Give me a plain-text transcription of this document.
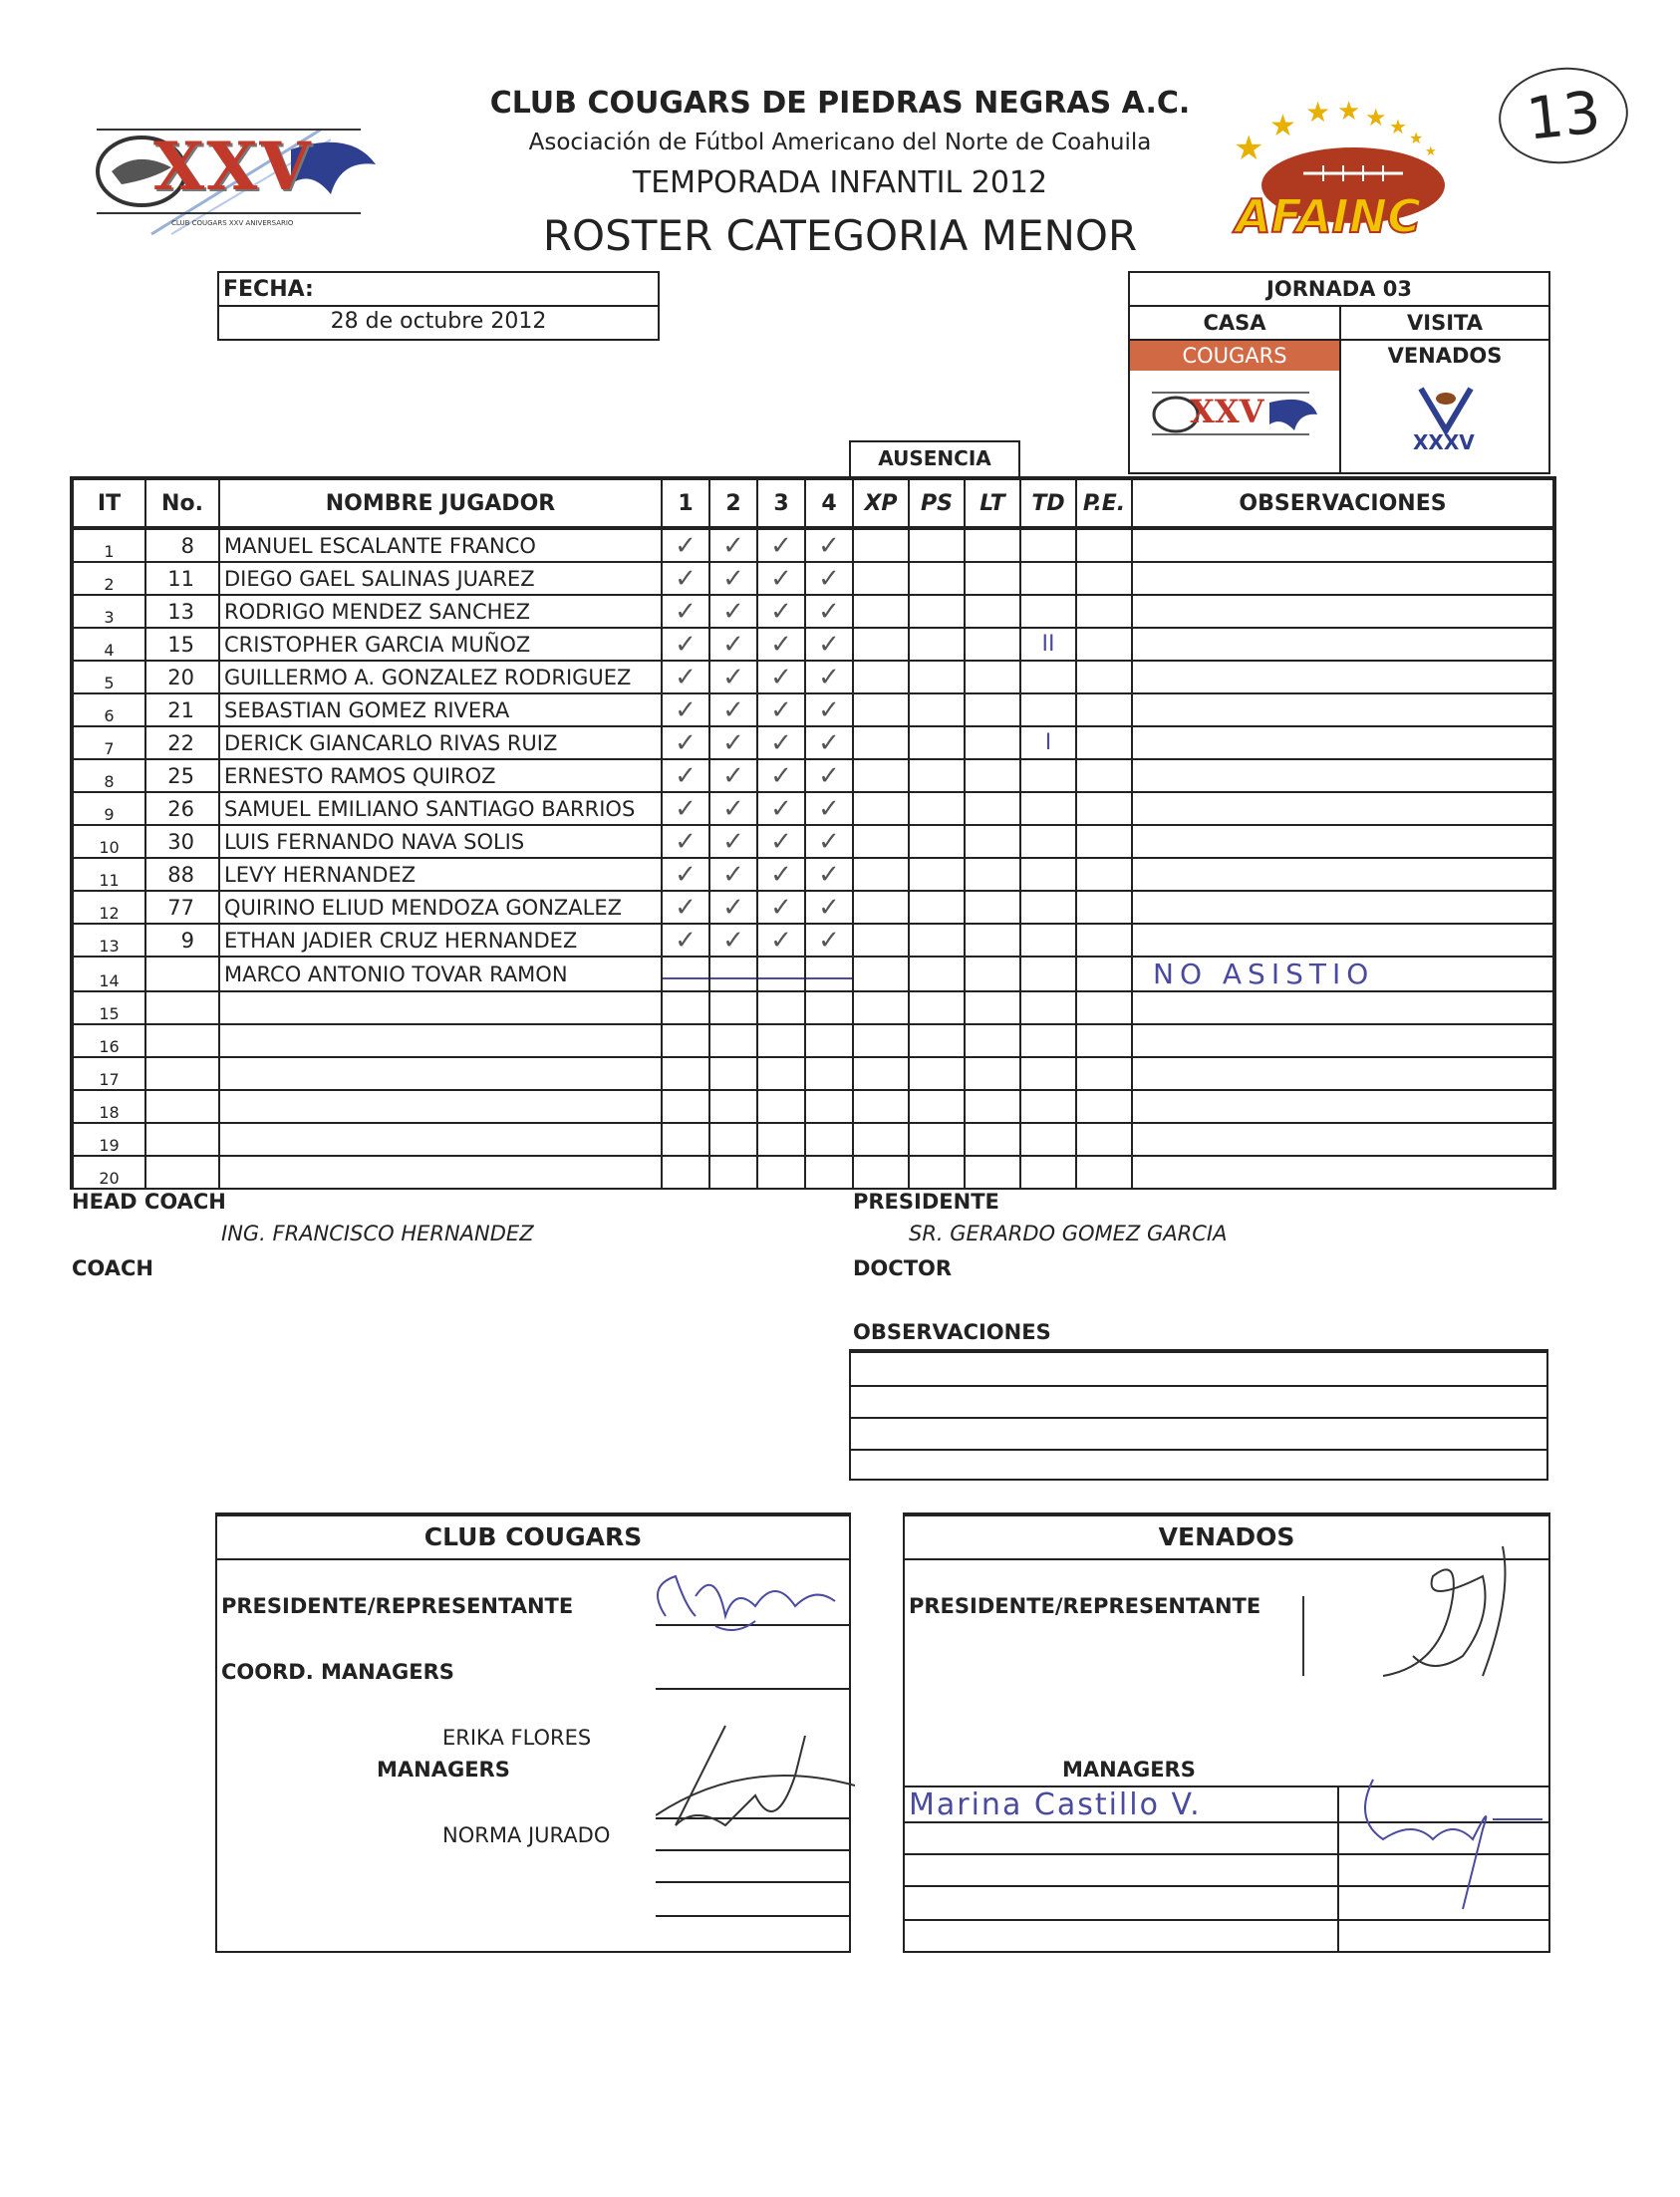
CLUB COUGARS DE PIEDRAS NEGRAS A.C.
Asociación de Fútbol Americano del Norte de Coahuila
TEMPORADA INFANTIL 2012
ROSTER CATEGORIA MENOR
13
XXV
CLUB COUGARS XXV ANIVERSARIO
★
★ ★ ★ ★ ★ ★
★
AFAINC
FECHA:
28 de octubre 2012
JORNADA 03
CASA	VISITA
COUGARS	VENADOS
XXV
XXXV
AUSENCIA
IT	No.	NOMBRE JUGADOR	1	2	3	4	XP	PS	LT	TD	P.E.	OBSERVACIONES
1	8	MANUEL ESCALANTE FRANCO	✓	✓	✓	✓						
2	11	DIEGO GAEL SALINAS JUAREZ	✓	✓	✓	✓						
3	13	RODRIGO MENDEZ SANCHEZ	✓	✓	✓	✓						
4	15	CRISTOPHER GARCIA MUÑOZ	✓	✓	✓	✓				II		
5	20	GUILLERMO A. GONZALEZ RODRIGUEZ	✓	✓	✓	✓						
6	21	SEBASTIAN GOMEZ RIVERA	✓	✓	✓	✓						
7	22	DERICK GIANCARLO RIVAS RUIZ	✓	✓	✓	✓				I		
8	25	ERNESTO RAMOS QUIROZ	✓	✓	✓	✓						
9	26	SAMUEL EMILIANO SANTIAGO BARRIOS	✓	✓	✓	✓						
10	30	LUIS FERNANDO NAVA SOLIS	✓	✓	✓	✓						
11	88	LEVY HERNANDEZ	✓	✓	✓	✓						
12	77	QUIRINO ELIUD MENDOZA GONZALEZ	✓	✓	✓	✓						
13	9	ETHAN JADIER CRUZ HERNANDEZ	✓	✓	✓	✓						
14		MARCO ANTONIO TOVAR RAMON										NO ASISTIO
15												
16												
17												
18												
19												
20												
HEAD COACH
ING. FRANCISCO HERNANDEZ
COACH
PRESIDENTE
SR. GERARDO GOMEZ GARCIA
DOCTOR
OBSERVACIONES
CLUB COUGARS
PRESIDENTE/REPRESENTANTE
COORD. MANAGERS
ERIKA FLORES
MANAGERS
NORMA JURADO
VENADOS
PRESIDENTE/REPRESENTANTE
MANAGERS
Marina Castillo V.
